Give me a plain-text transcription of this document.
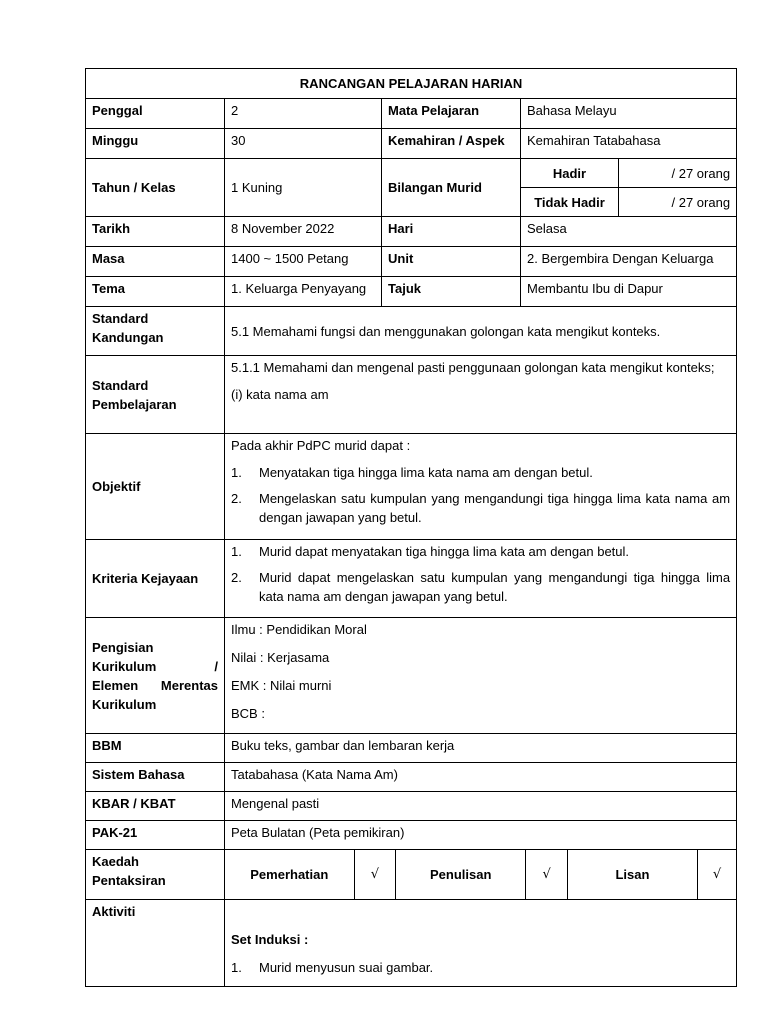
RANCANGAN PELAJARAN HARIAN
Penggal	2	Mata Pelajaran	Bahasa Melayu
Minggu	30	Kemahiran / Aspek	Kemahiran Tatabahasa
Tahun / Kelas	1 Kuning	Bilangan Murid	Hadir	/ 27 orang
Tidak Hadir	/ 27 orang
Tarikh	8 November 2022	Hari	Selasa
Masa	1400 ~ 1500 Petang	Unit	2. Bergembira Dengan Keluarga
Tema	1. Keluarga Penyayang	Tajuk	Membantu Ibu di Dapur

Standard
Kandungan	5.1 Memahami fungsi dan menggunakan golongan kata mengikut konteks.

Standard
Pembelajaran

5.1.1 Memahami dan mengenal pasti penggunaan golongan kata mengikut konteks;
(i) kata nama am

Objektif	
Pada akhir PdPC murid dapat :
1.	Menyatakan tiga hingga lima kata nama am dengan betul.
2.	Mengelaskan satu kumpulan yang mengandungi tiga hingga lima kata nama am dengan jawapan yang betul.

Kriteria Kejayaan	
1.	Murid dapat menyatakan tiga hingga lima kata am dengan betul.
2.	Murid dapat mengelaskan satu kumpulan yang mengandungi tiga hingga lima kata nama am dengan jawapan yang betul.

Pengisian
Kurikulum	/
Elemen Merentas
Kurikulum

Ilmu : Pendidikan Moral
Nilai : Kerjasama
EMK : Nilai murni
BCB :

BBM	Buku teks, gambar dan lembaran kerja
Sistem Bahasa	Tatabahasa (Kata Nama Am)
KBAR / KBAT	Mengenal pasti
PAK-21	Peta Bulatan (Peta pemikiran)

Kaedah
Pentaksiran
		Pemerhatian	√	Penulisan	√	Lisan	√

Aktiviti	
Set Induksi :
1.	Murid menyusun suai gambar.
